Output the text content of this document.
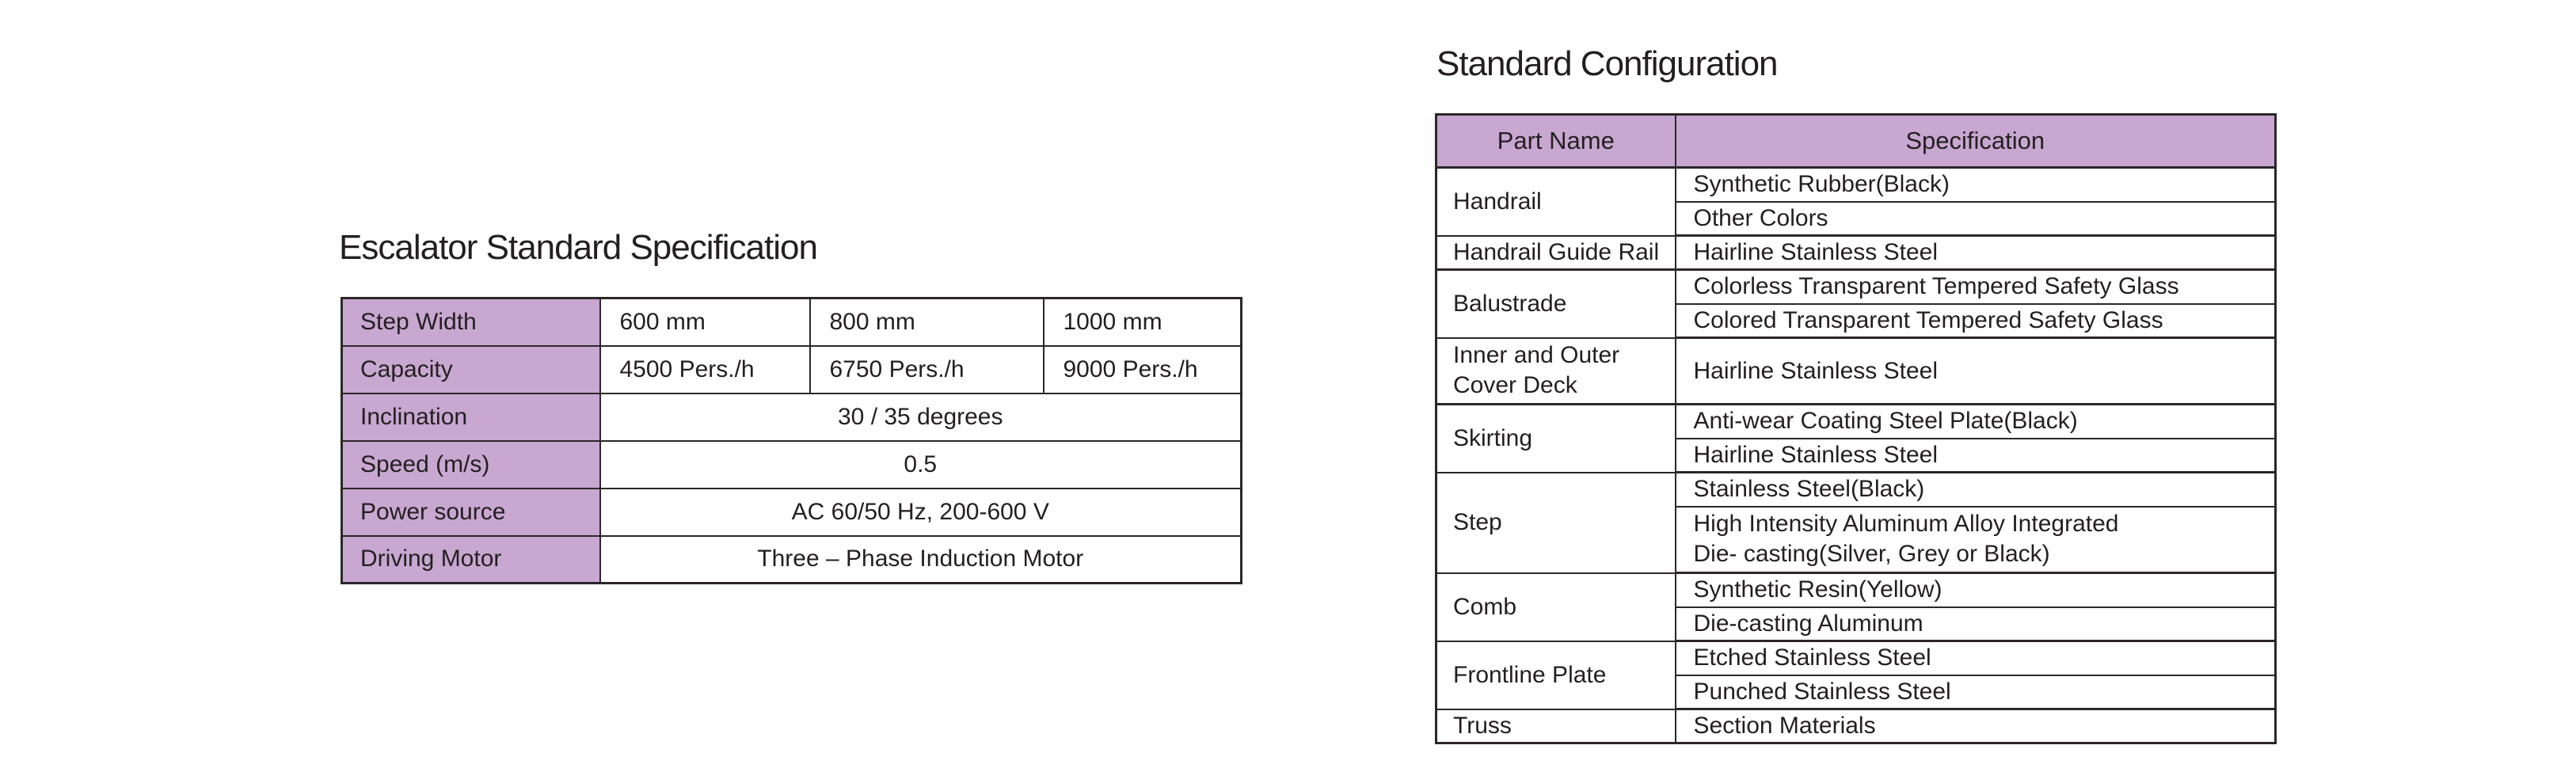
Escalator Standard Specification
Step Width	600 mm	800 mm	1000 mm
Capacity	4500 Pers./h	6750 Pers./h	9000 Pers./h
Inclination	30 / 35 degrees		
Speed (m/s)	0.5		
Power source	AC 60/50 Hz, 200-600 V		
Driving Motor	Three – Phase Induction Motor		
Standard Configuration
Part Name	Specification

Handrail	Synthetic Rubber(Black)

	Other Colors

Handrail Guide Rail	Hairline Stainless Steel

Balustrade	Colorless Transparent Tempered Safety Glass

	Colored Transparent Tempered Safety Glass

Inner and Outer
Cover Deck	Hairline Stainless Steel

Skirting	Anti-wear Coating Steel Plate(Black)

	Hairline Stainless Steel

Step	Stainless Steel(Black)

	High Intensity Aluminum Alloy Integrated
Die- casting(Silver, Grey or Black)

Comb	Synthetic Resin(Yellow)

	Die-casting Aluminum

Frontline Plate	Etched Stainless Steel

	Punched Stainless Steel

Truss	Section Materials
